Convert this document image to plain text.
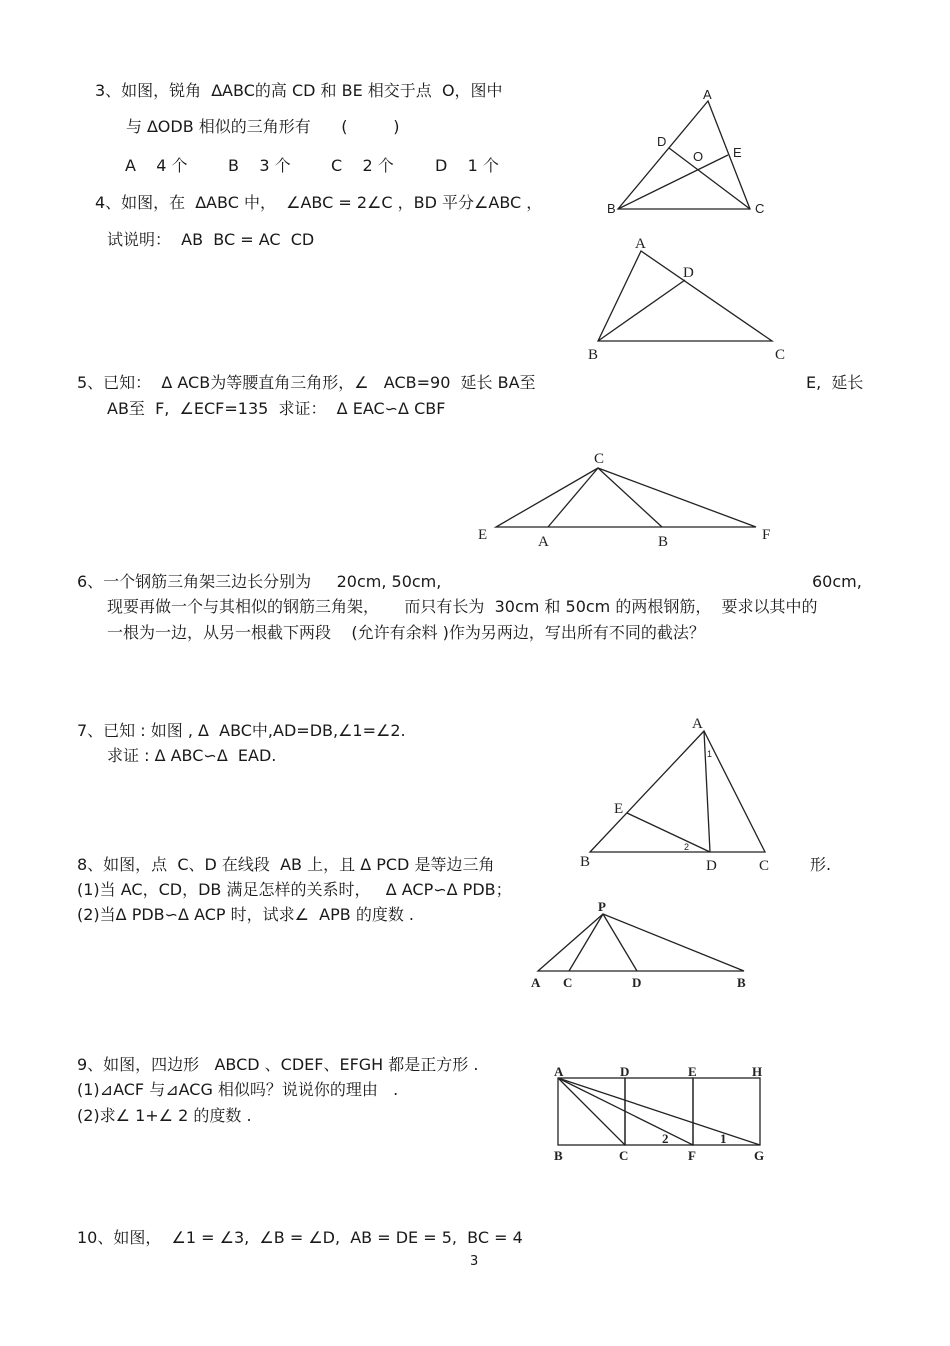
3、如图，锐角  ∆ABC的高 CD 和 BE 相交于点  O，图中
与 ∆ODB 相似的三角形有      (         )
A    4 个	B    3 个	C    2 个	D    1 个
A
D
O E
B	C
4、如图，在  ∆ABC 中，  ∠ABC = 2∠C ，BD 平分∠ABC ，
试说明：  AB  BC = AC  CD	A
D
B	C
5、已知：  Δ ACB为等腰直角三角形，∠   ACB=90  延长 BA至	E,  延长
AB至  F,  ∠ECF=135  求证：  Δ EAC∽Δ CBF
C
E	A	B	F
6、一个钢筋三角架三边长分别为     20cm, 50cm,	60cm,
现要再做一个与其相似的钢筋三角架，     而只有长为  30cm 和 50cm 的两根钢筋，  要求以其中的
一根为一边，从另一根截下两段    (允许有余料 )作为另两边，写出所有不同的截法？
7、已知 : 如图 , Δ  ABC中,AD=DB,∠1=∠2.
求证 : Δ ABC∽Δ  EAD.
A
E
B	D	C
1
2
8、如图，点  C、D 在线段  AB 上，且 Δ PCD 是等边三角	形.
(1)当 AC，CD，DB 满足怎样的关系时，   Δ ACP∽Δ PDB；
(2)当Δ PDB∽Δ ACP 时，试求∠  APB 的度数 .	P
A C	D	B
9、如图，四边形   ABCD 、CDEF、EFGH 都是正方形 .
(1)⊿ACF 与⊿ACG 相似吗？说说你的理由   .
(2)求∠ 1+∠ 2 的度数 .
A	D	E	H
B	C	F	G
2	1
10、如图，  ∠1 = ∠3,  ∠B = ∠D,  AB = DE = 5,  BC = 4
3
